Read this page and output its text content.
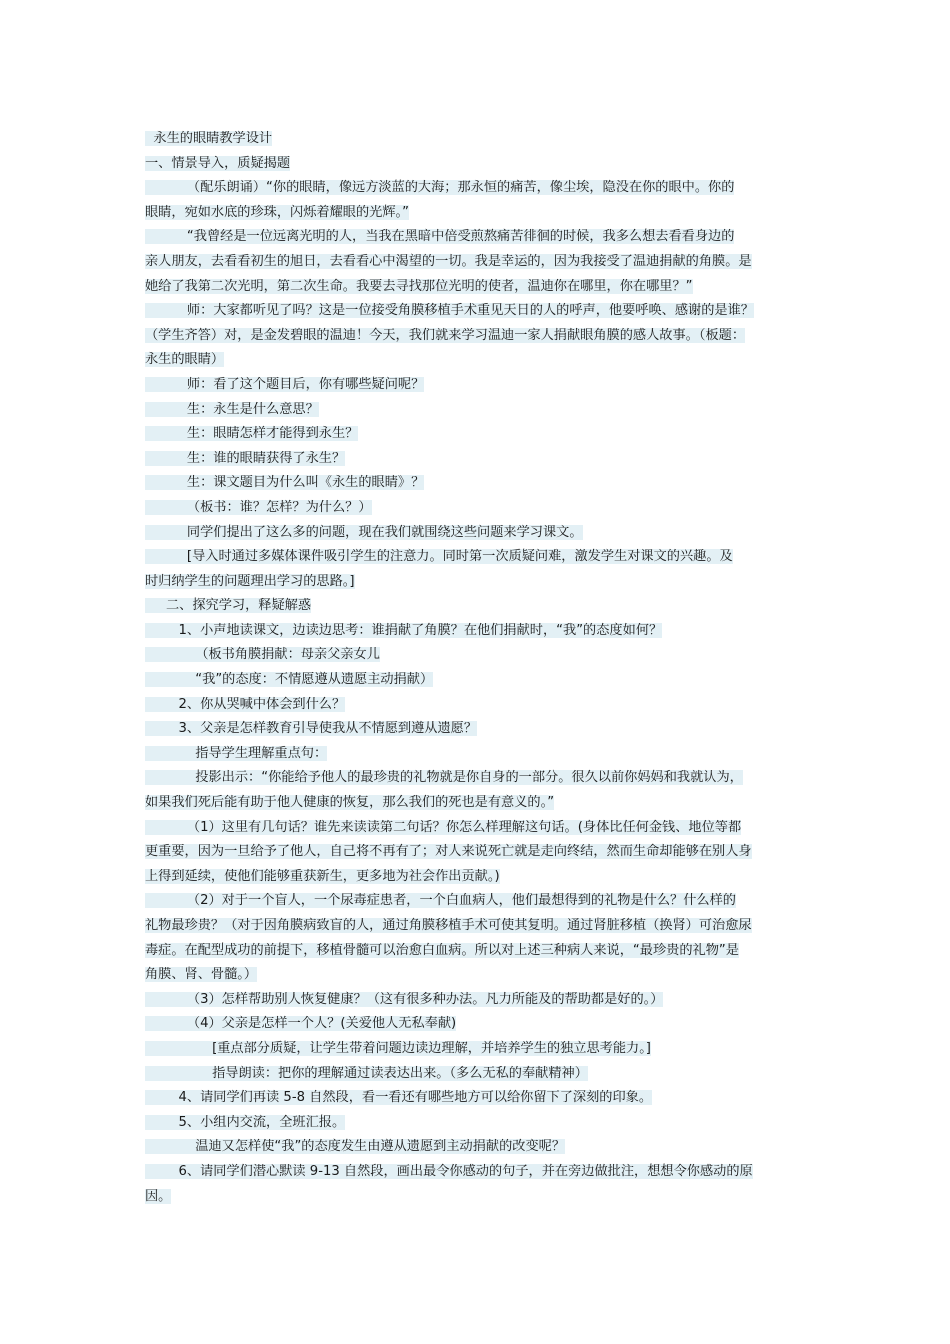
永生的眼睛教学设计
一、情景导入，质疑揭题
（配乐朗诵）“你的眼睛，像远方淡蓝的大海；那永恒的痛苦，像尘埃，隐没在你的眼中。你的
眼睛，宛如水底的珍珠，闪烁着耀眼的光辉。”
“我曾经是一位远离光明的人，当我在黑暗中倍受煎熬痛苦徘徊的时候，我多么想去看看身边的
亲人朋友，去看看初生的旭日，去看看心中渴望的一切。我是幸运的，因为我接受了温迪捐献的角膜。是
她给了我第二次光明，第二次生命。我要去寻找那位光明的使者，温迪你在哪里，你在哪里？”
师：大家都听见了吗？这是一位接受角膜移植手术重见天日的人的呼声，他要呼唤、感谢的是谁？
（学生齐答）对，是金发碧眼的温迪！今天，我们就来学习温迪一家人捐献眼角膜的感人故事。（板题：
永生的眼睛）
师：看了这个题目后，你有哪些疑问呢？
生：永生是什么意思？
生：眼睛怎样才能得到永生？
生：谁的眼睛获得了永生？
生：课文题目为什么叫《永生的眼睛》？
（板书：谁？怎样？为什么？）
同学们提出了这么多的问题，现在我们就围绕这些问题来学习课文。
[导入时通过多媒体课件吸引学生的注意力。同时第一次质疑问难，激发学生对课文的兴趣。及
时归纳学生的问题理出学习的思路。]
二、探究学习，释疑解惑
1、小声地读课文，边读边思考：谁捐献了角膜？在他们捐献时，“我”的态度如何？
（板书角膜捐献：母亲父亲女儿
“我”的态度：不情愿遵从遗愿主动捐献）
2、你从哭喊中体会到什么？
3、父亲是怎样教育引导使我从不情愿到遵从遗愿？
指导学生理解重点句：
投影出示：“你能给予他人的最珍贵的礼物就是你自身的一部分。很久以前你妈妈和我就认为，
如果我们死后能有助于他人健康的恢复，那么我们的死也是有意义的。”
（1）这里有几句话？谁先来读读第二句话？你怎么样理解这句话。(身体比任何金钱、地位等都
更重要，因为一旦给予了他人，自己将不再有了；对人来说死亡就是走向终结，然而生命却能够在别人身
上得到延续，使他们能够重获新生，更多地为社会作出贡献。)
（2）对于一个盲人，一个尿毒症患者，一个白血病人，他们最想得到的礼物是什么？什么样的
礼物最珍贵？（对于因角膜病致盲的人，通过角膜移植手术可使其复明。通过肾脏移植（换肾）可治愈尿
毒症。在配型成功的前提下，移植骨髓可以治愈白血病。所以对上述三种病人来说，“最珍贵的礼物”是
角膜、肾、骨髓。）
（3）怎样帮助别人恢复健康？（这有很多种办法。凡力所能及的帮助都是好的。）
（4）父亲是怎样一个人？(关爱他人无私奉献)
[重点部分质疑，让学生带着问题边读边理解，并培养学生的独立思考能力。]
指导朗读：把你的理解通过读表达出来。（多么无私的奉献精神）
4、请同学们再读 5-8 自然段，看一看还有哪些地方可以给你留下了深刻的印象。
5、小组内交流，全班汇报。
温迪又怎样使“我”的态度发生由遵从遗愿到主动捐献的改变呢？
6、请同学们潜心默读 9-13 自然段，画出最令你感动的句子，并在旁边做批注，想想令你感动的原
因。
